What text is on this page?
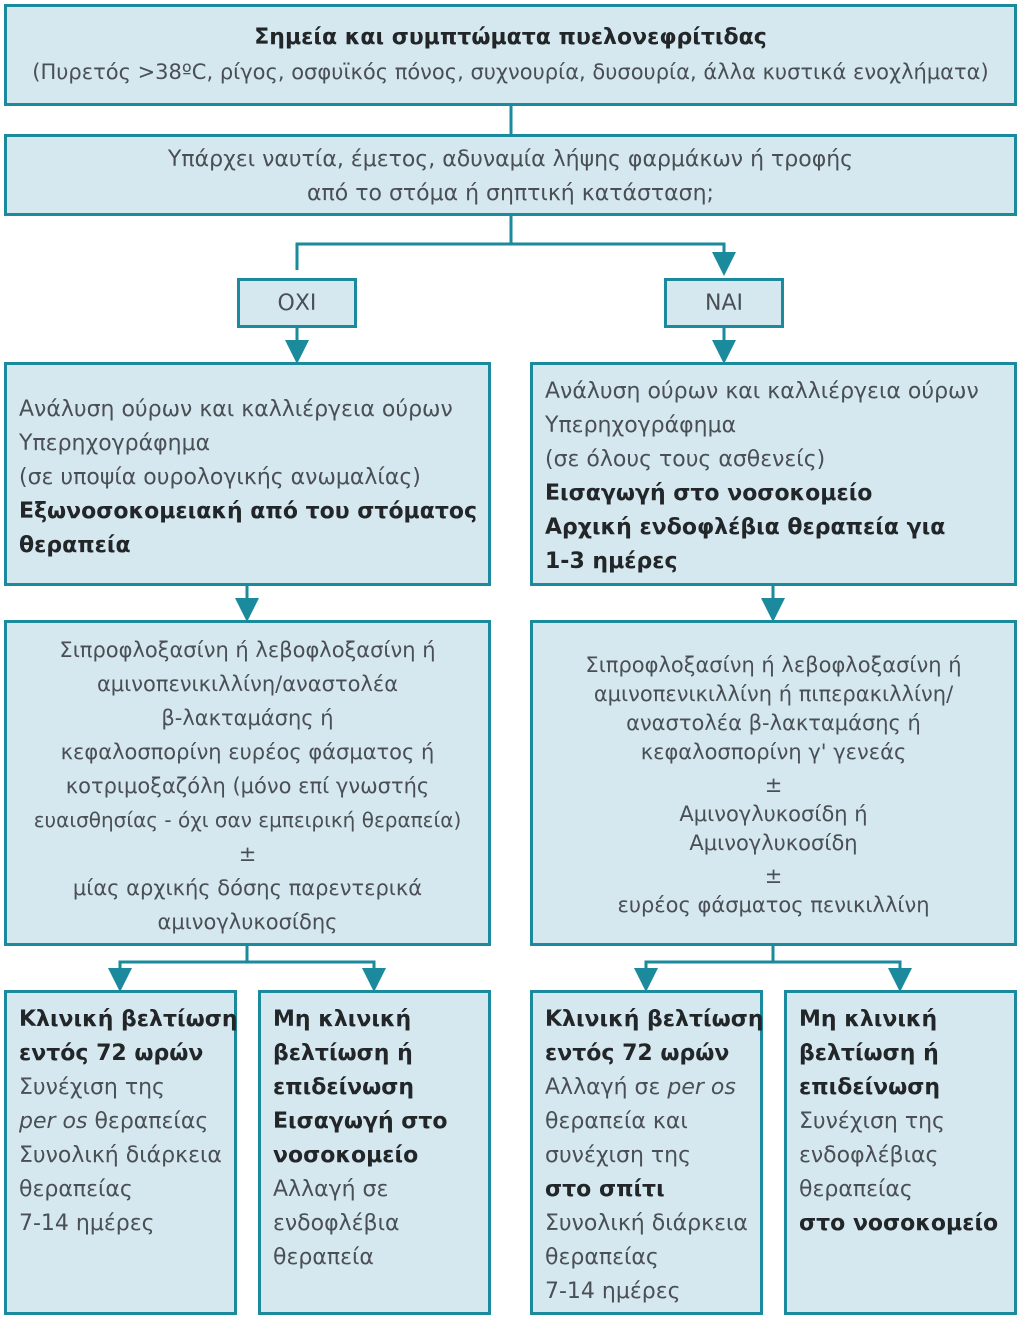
Σημεία και συμπτώματα πυελονεφρίτιδας
(Πυρετός >38ºC, ρίγος, οσφυϊκός πόνος, συχνουρία, δυσουρία, άλλα κυστικά ενοχλήματα)
Υπάρχει ναυτία, έμετος, αδυναμία λήψης φαρμάκων ή τροφής
από το στόμα ή σηπτική κατάσταση;
ΟΧΙ	ΝΑΙ
Ανάλυση ούρων και καλλιέργεια ούρων
Υπερηχογράφημα
(σε υποψία ουρολογικής ανωμαλίας)
Εξωνοσοκομειακή από του στόματος
θεραπεία
Ανάλυση ούρων και καλλιέργεια ούρων
Υπερηχογράφημα
(σε όλους τους ασθενείς)
Εισαγωγή στο νοσοκομείο
Αρχική ενδοφλέβια θεραπεία για
1-3 ημέρες
Σιπροφλοξασίνη ή λεβοφλοξασίνη ή
αμινοπενικιλλίνη/αναστολέα
β-λακταμάσης ή
κεφαλοσπορίνη ευρέος φάσματος ή
κοτριμοξαζόλη (μόνο επί γνωστής
ευαισθησίας - όχι σαν εμπειρική θεραπεία)
±
μίας αρχικής δόσης παρεντερικά
αμινογλυκοσίδης
Σιπροφλοξασίνη ή λεβοφλοξασίνη ή
αμινοπενικιλλίνη ή πιπερακιλλίνη/
αναστολέα β-λακταμάσης ή
κεφαλοσπορίνη γ' γενεάς
±
Αμινογλυκοσίδη ή
Αμινογλυκοσίδη
±
ευρέος φάσματος πενικιλλίνη
Κλινική βελτίωση
εντός 72 ωρών
Συνέχιση της
per os θεραπείας
Συνολική διάρκεια
θεραπείας
7-14 ημέρες
Μη κλινική
βελτίωση ή
επιδείνωση
Εισαγωγή στο
νοσοκομείο
Αλλαγή σε
ενδοφλέβια
θεραπεία
Κλινική βελτίωση
εντός 72 ωρών
Αλλαγή σε per os
θεραπεία και
συνέχιση της
στο σπίτι
Συνολική διάρκεια
θεραπείας
7-14 ημέρες
Μη κλινική
βελτίωση ή
επιδείνωση
Συνέχιση της
ενδοφλέβιας
θεραπείας
στο νοσοκομείο
